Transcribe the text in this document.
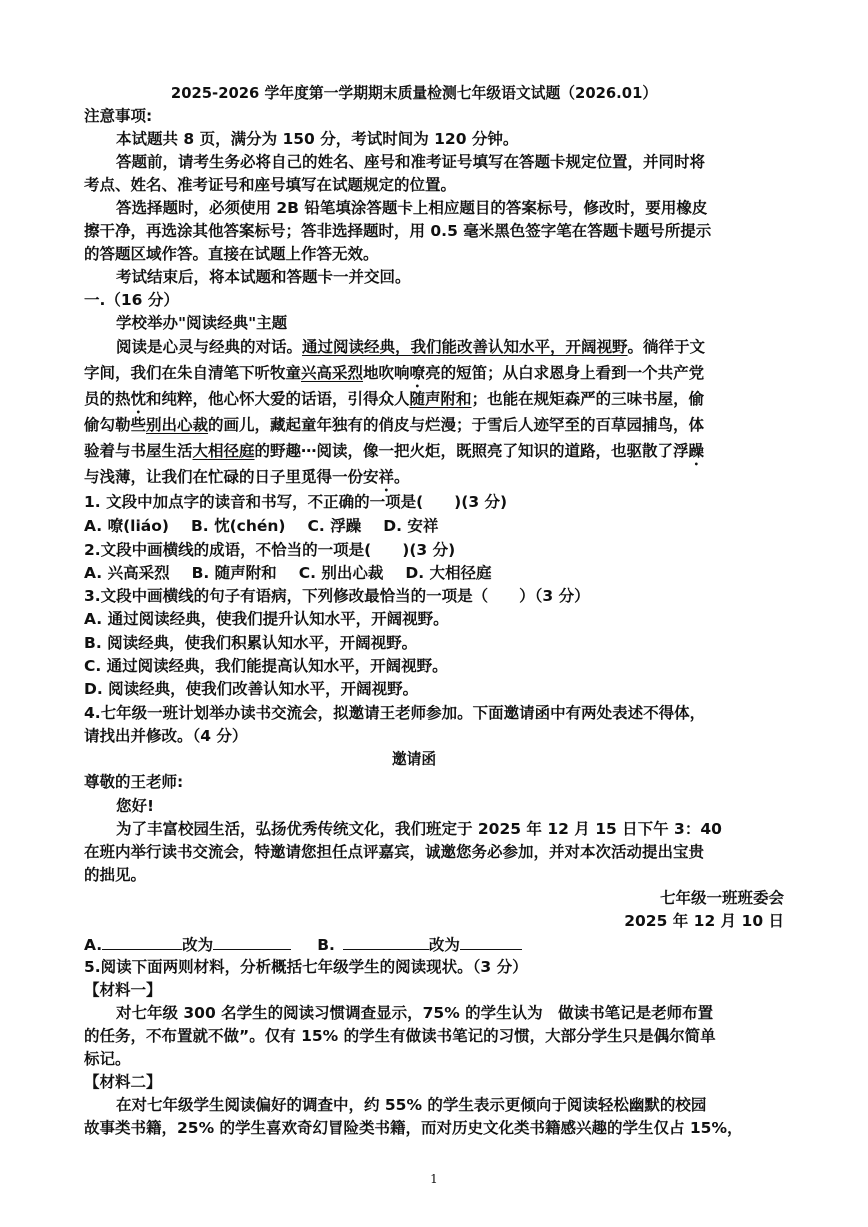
2025-2026 学年度第一学期期末质量检测七年级语文试题（2026.01）
注意事项:
本试题共 8 页，满分为 150 分，考试时间为 120 分钟。
答题前，请考生务必将自己的姓名、座号和准考证号填写在答题卡规定位置，并同时将
考点、姓名、准考证号和座号填写在试题规定的位置。
答选择题时，必须使用 2B 铅笔填涂答题卡上相应题目的答案标号，修改时，要用橡皮
擦干净，再选涂其他答案标号；答非选择题时，用 0.5 毫米黑色签字笔在答题卡题号所提示
的答题区域作答。直接在试题上作答无效。
考试结束后，将本试题和答题卡一并交回。
一.（16 分）
学校举办"阅读经典"主题
阅读是心灵与经典的对话。通过阅读经典，我们能改善认知水平，开阔视野。徜徉于文
字间，我们在朱自清笔下听牧童兴高采烈地吹响嘹亮的短笛；从白求恩身上看到一个共产党
员的热忱和纯粹，他心怀大爱的话语，引得众人随声附和；也能在规矩森严的三味书屋，偷
偷勾勒些别出心裁的画儿，藏起童年独有的俏皮与烂漫；于雪后人迹罕至的百草园捕鸟，体
验着与书屋生活大相径庭的野趣⋯阅读，像一把火炬，既照亮了知识的道路，也驱散了浮躁
与浅薄，让我们在忙碌的日子里觅得一份安祥。
1. 文段中加点字的读音和书写，不正确的一项是(　　)(3 分)
A. 嘹(liáo) B. 忱(chén) C. 浮躁 D. 安祥
2.文段中画横线的成语，不恰当的一项是(　　)(3 分)
A. 兴高采烈 B. 随声附和 C. 别出心裁 D. 大相径庭
3.文段中画横线的句子有语病，下列修改最恰当的一项是（　　）（3 分）
A. 通过阅读经典，使我们提升认知水平，开阔视野。
B. 阅读经典，使我们积累认知水平，开阔视野。
C. 通过阅读经典，我们能提高认知水平，开阔视野。
D. 阅读经典，使我们改善认知水平，开阔视野。
4.七年级一班计划举办读书交流会，拟邀请王老师参加。下面邀请函中有两处表述不得体，
请找出并修改。（4 分）
邀请函
尊敬的王老师:
您好!
为了丰富校园生活，弘扬优秀传统文化，我们班定于 2025 年 12 月 15 日下午 3：40
在班内举行读书交流会，特邀请您担任点评嘉宾，诚邀您务必参加，并对本次活动提出宝贵
的拙见。
七年级一班班委会
2025 年 12 月 10 日
A.	改为	B.	改为
5.阅读下面两则材料，分析概括七年级学生的阅读现状。（3 分）
【材料一】
对七年级 300 名学生的阅读习惯调查显示，75% 的学生认为　做读书笔记是老师布置
的任务，不布置就不做”。仅有 15% 的学生有做读书笔记的习惯，大部分学生只是偶尔简单
标记。
【材料二】
在对七年级学生阅读偏好的调查中，约 55% 的学生表示更倾向于阅读轻松幽默的校园
故事类书籍，25% 的学生喜欢奇幻冒险类书籍，而对历史文化类书籍感兴趣的学生仅占 15%，
1
